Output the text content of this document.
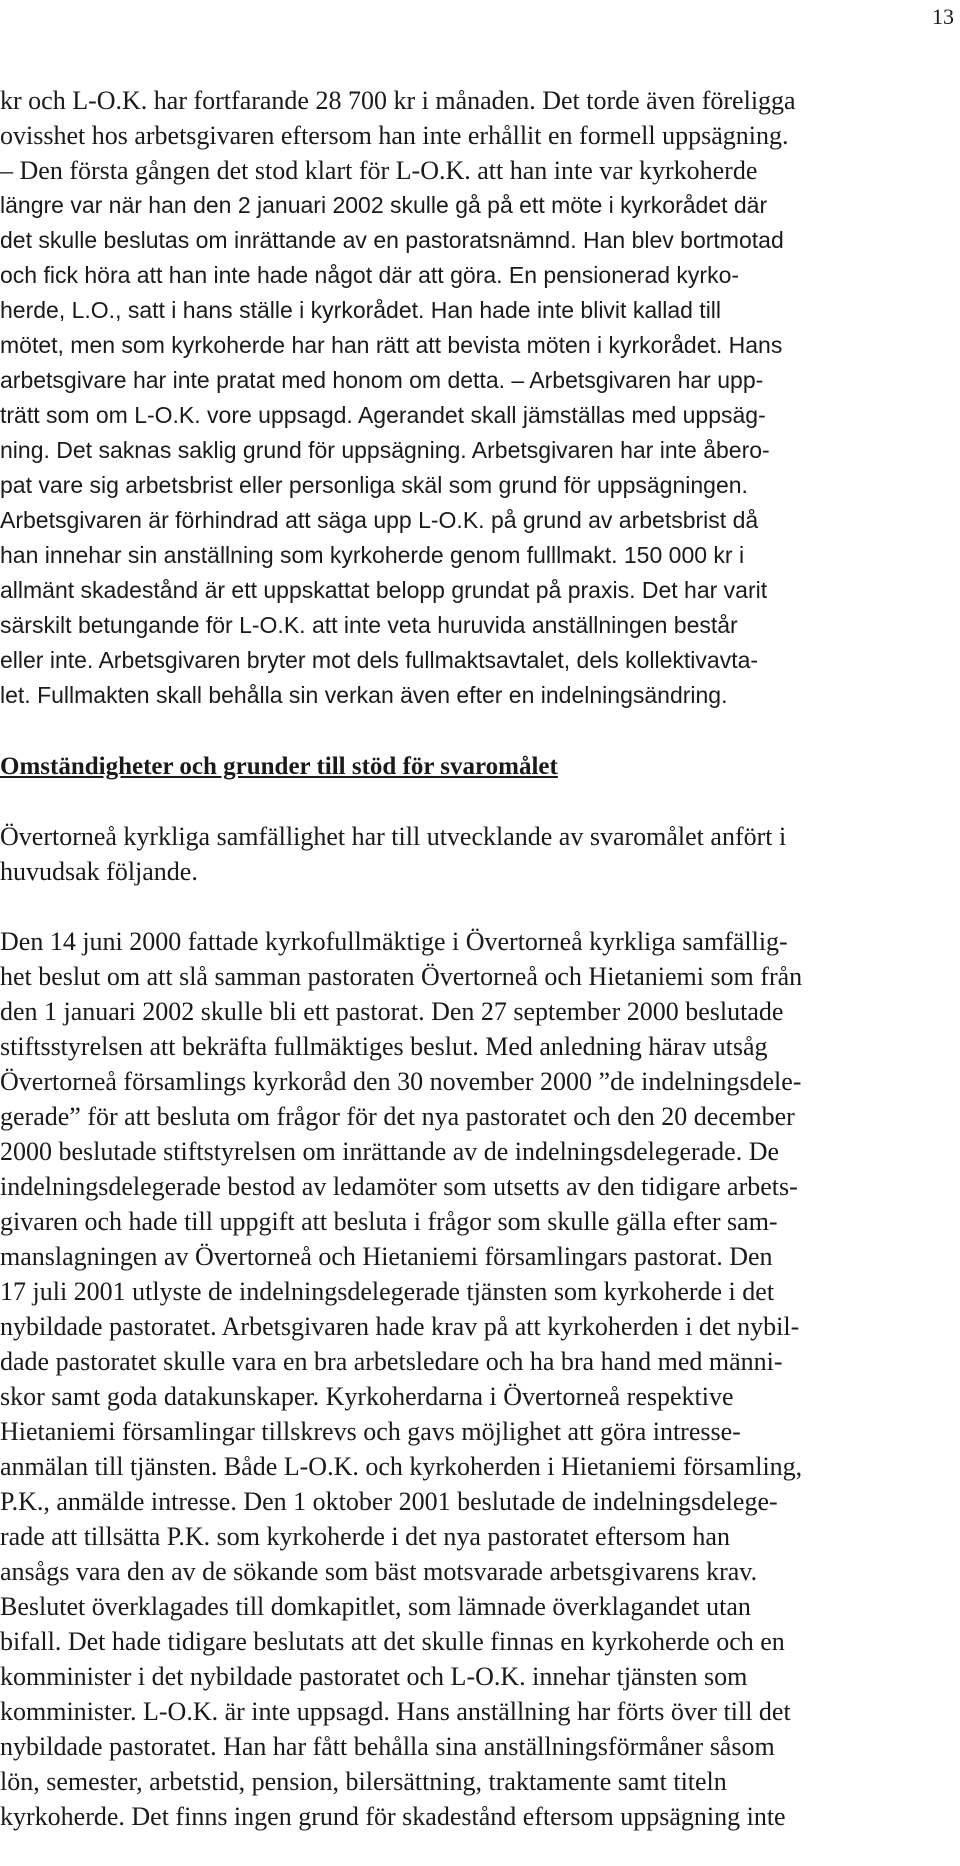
13

kr och L-O.K. har fortfarande 28 700 kr i månaden. Det torde även föreligga

ovisshet hos arbetsgivaren eftersom han inte erhållit en formell uppsägning.

– Den första gången det stod klart för L-O.K. att han inte var kyrkoherde

längre var när han den 2 januari 2002 skulle gå på ett möte i kyrkorådet där

det skulle beslutas om inrättande av en pastoratsnämnd. Han blev bortmotad

och fick höra att han inte hade något där att göra. En pensionerad kyrko-

herde, L.O., satt i hans ställe i kyrkorådet. Han hade inte blivit kallad till

mötet, men som kyrkoherde har han rätt att bevista möten i kyrkorådet. Hans

arbetsgivare har inte pratat med honom om detta. – Arbetsgivaren har upp-

trätt som om L-O.K. vore uppsagd. Agerandet skall jämställas med uppsäg-

ning. Det saknas saklig grund för uppsägning. Arbetsgivaren har inte åbero-

pat vare sig arbetsbrist eller personliga skäl som grund för uppsägningen.

Arbetsgivaren är förhindrad att säga upp L-O.K. på grund av arbetsbrist då

han innehar sin anställning som kyrkoherde genom fulllmakt. 150 000 kr i

allmänt skadestånd är ett uppskattat belopp grundat på praxis. Det har varit

särskilt betungande för L-O.K. att inte veta huruvida anställningen består

eller inte. Arbetsgivaren bryter mot dels fullmaktsavtalet, dels kollektivavta-

let. Fullmakten skall behålla sin verkan även efter en indelningsändring.

Omständigheter och grunder till stöd för svaromålet

Övertorneå kyrkliga samfällighet har till utvecklande av svaromålet anfört i

huvudsak följande.

Den 14 juni 2000 fattade kyrkofullmäktige i Övertorneå kyrkliga samfällig-

het beslut om att slå samman pastoraten Övertorneå och Hietaniemi som från

den 1 januari 2002 skulle bli ett pastorat. Den 27 september 2000 beslutade

stiftsstyrelsen att bekräfta fullmäktiges beslut. Med anledning härav utsåg

Övertorneå församlings kyrkoråd den 30 november 2000 ”de indelningsdele-

gerade” för att besluta om frågor för det nya pastoratet och den 20 december

2000 beslutade stiftstyrelsen om inrättande av de indelningsdelegerade. De

indelningsdelegerade bestod av ledamöter som utsetts av den tidigare arbets-

givaren och hade till uppgift att besluta i frågor som skulle gälla efter sam-

manslagningen av Övertorneå och Hietaniemi församlingars pastorat. Den

17 juli 2001 utlyste de indelningsdelegerade tjänsten som kyrkoherde i det

nybildade pastoratet. Arbetsgivaren hade krav på att kyrkoherden i det nybil-

dade pastoratet skulle vara en bra arbetsledare och ha bra hand med männi-

skor samt goda datakunskaper. Kyrkoherdarna i Övertorneå respektive

Hietaniemi församlingar tillskrevs och gavs möjlighet att göra intresse-

anmälan till tjänsten. Både L-O.K. och kyrkoherden i Hietaniemi församling,

P.K., anmälde intresse. Den 1 oktober 2001 beslutade de indelningsdelege-

rade att tillsätta P.K. som kyrkoherde i det nya pastoratet eftersom han

ansågs vara den av de sökande som bäst motsvarade arbetsgivarens krav.

Beslutet överklagades till domkapitlet, som lämnade överklagandet utan

bifall. Det hade tidigare beslutats att det skulle finnas en kyrkoherde och en

komminister i det nybildade pastoratet och L-O.K. innehar tjänsten som

komminister. L-O.K. är inte uppsagd. Hans anställning har förts över till det

nybildade pastoratet. Han har fått behålla sina anställningsförmåner såsom

lön, semester, arbetstid, pension, bilersättning, traktamente samt titeln

kyrkoherde. Det finns ingen grund för skadestånd eftersom uppsägning inte
